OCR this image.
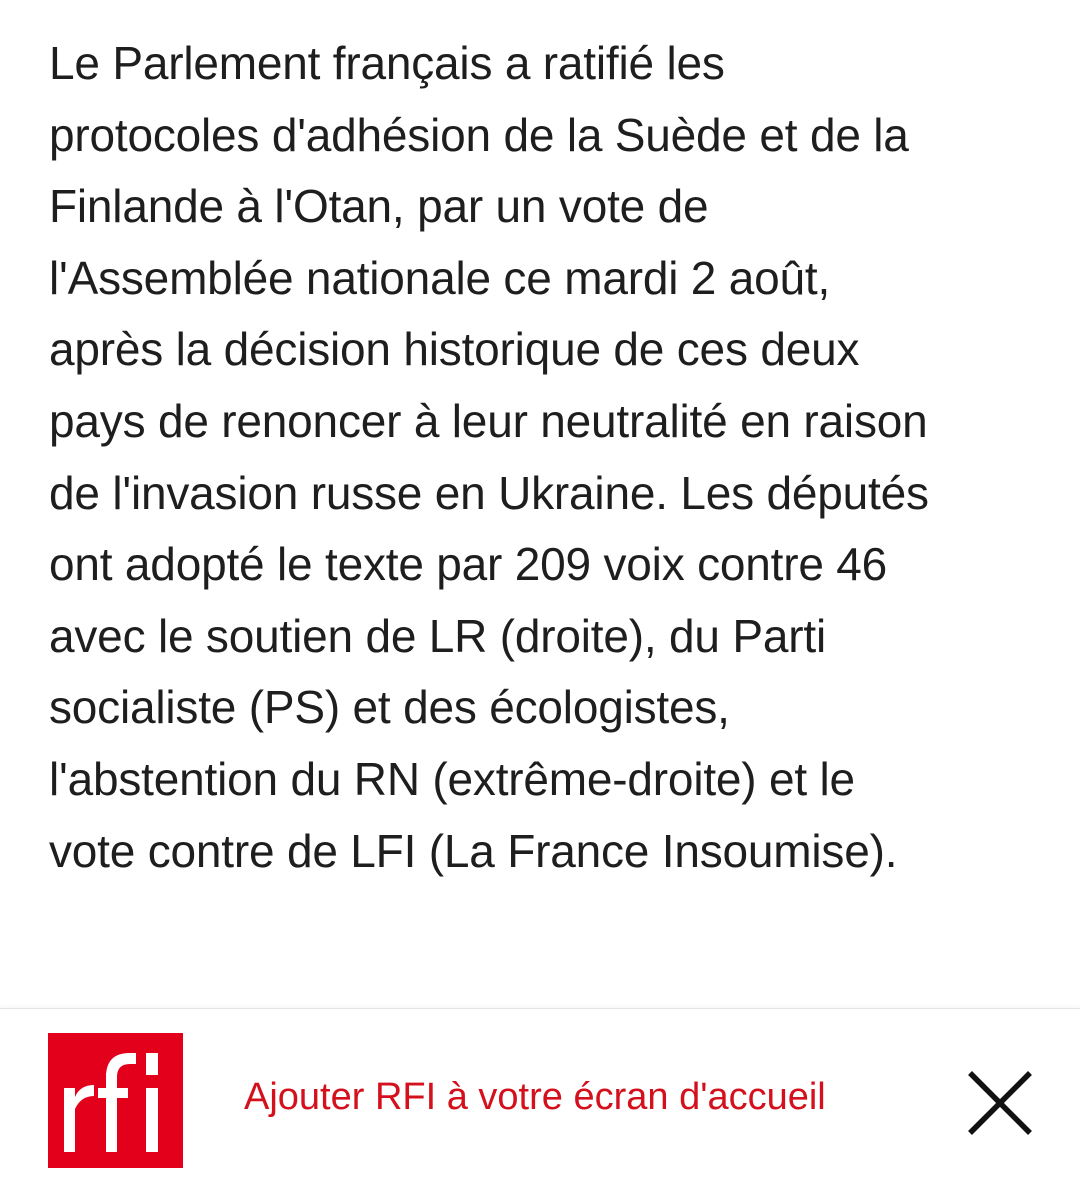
Le Parlement français a ratifié les
protocoles d'adhésion de la Suède et de la
Finlande à l'Otan, par un vote de
l'Assemblée nationale ce mardi 2 août,
après la décision historique de ces deux
pays de renoncer à leur neutralité en raison
de l'invasion russe en Ukraine. Les députés
ont adopté le texte par 209 voix contre 46
avec le soutien de LR (droite), du Parti
socialiste (PS) et des écologistes,
l'abstention du RN (extrême-droite) et le
vote contre de LFI (La France Insoumise).
rfi
Ajouter RFI à votre écran d'accueil
